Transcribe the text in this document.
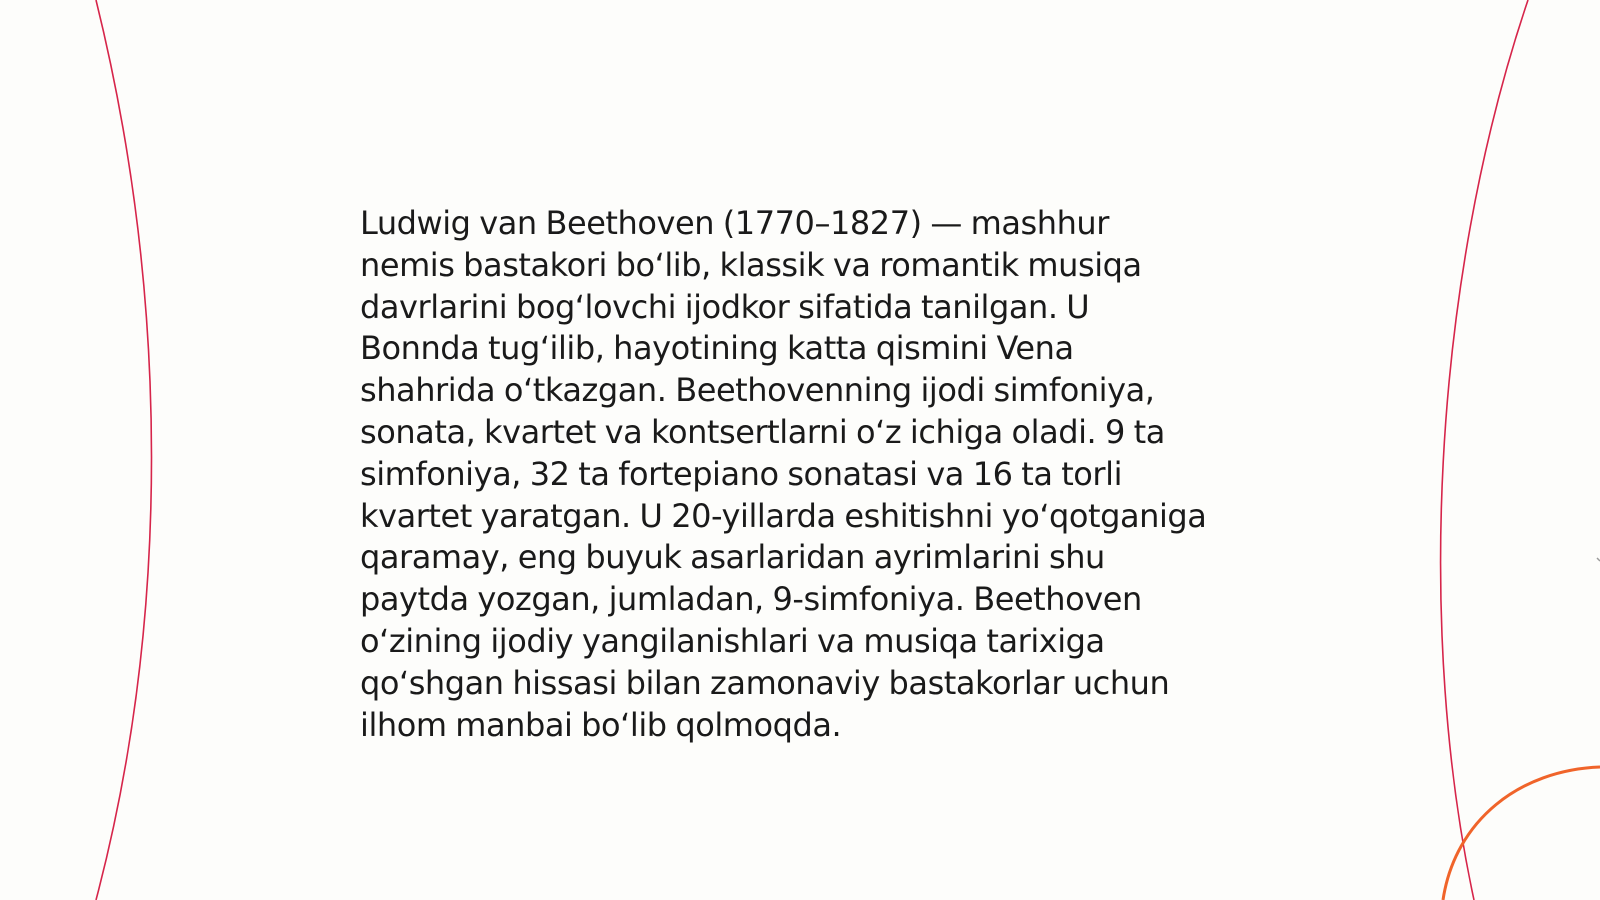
Ludwig van Beethoven (1770–1827) — mashhur
nemis bastakori bo‘lib, klassik va romantik musiqa
davrlarini bog‘lovchi ijodkor sifatida tanilgan. U
Bonnda tug‘ilib, hayotining katta qismini Vena
shahrida o‘tkazgan. Beethovenning ijodi simfoniya,
sonata, kvartet va kontsertlarni o‘z ichiga oladi. 9 ta
simfoniya, 32 ta fortepiano sonatasi va 16 ta torli
kvartet yaratgan. U 20-yillarda eshitishni yo‘qotganiga
qaramay, eng buyuk asarlaridan ayrimlarini shu
paytda yozgan, jumladan, 9-simfoniya. Beethoven
o‘zining ijodiy yangilanishlari va musiqa tarixiga
qo‘shgan hissasi bilan zamonaviy bastakorlar uchun
ilhom manbai bo‘lib qolmoqda.
